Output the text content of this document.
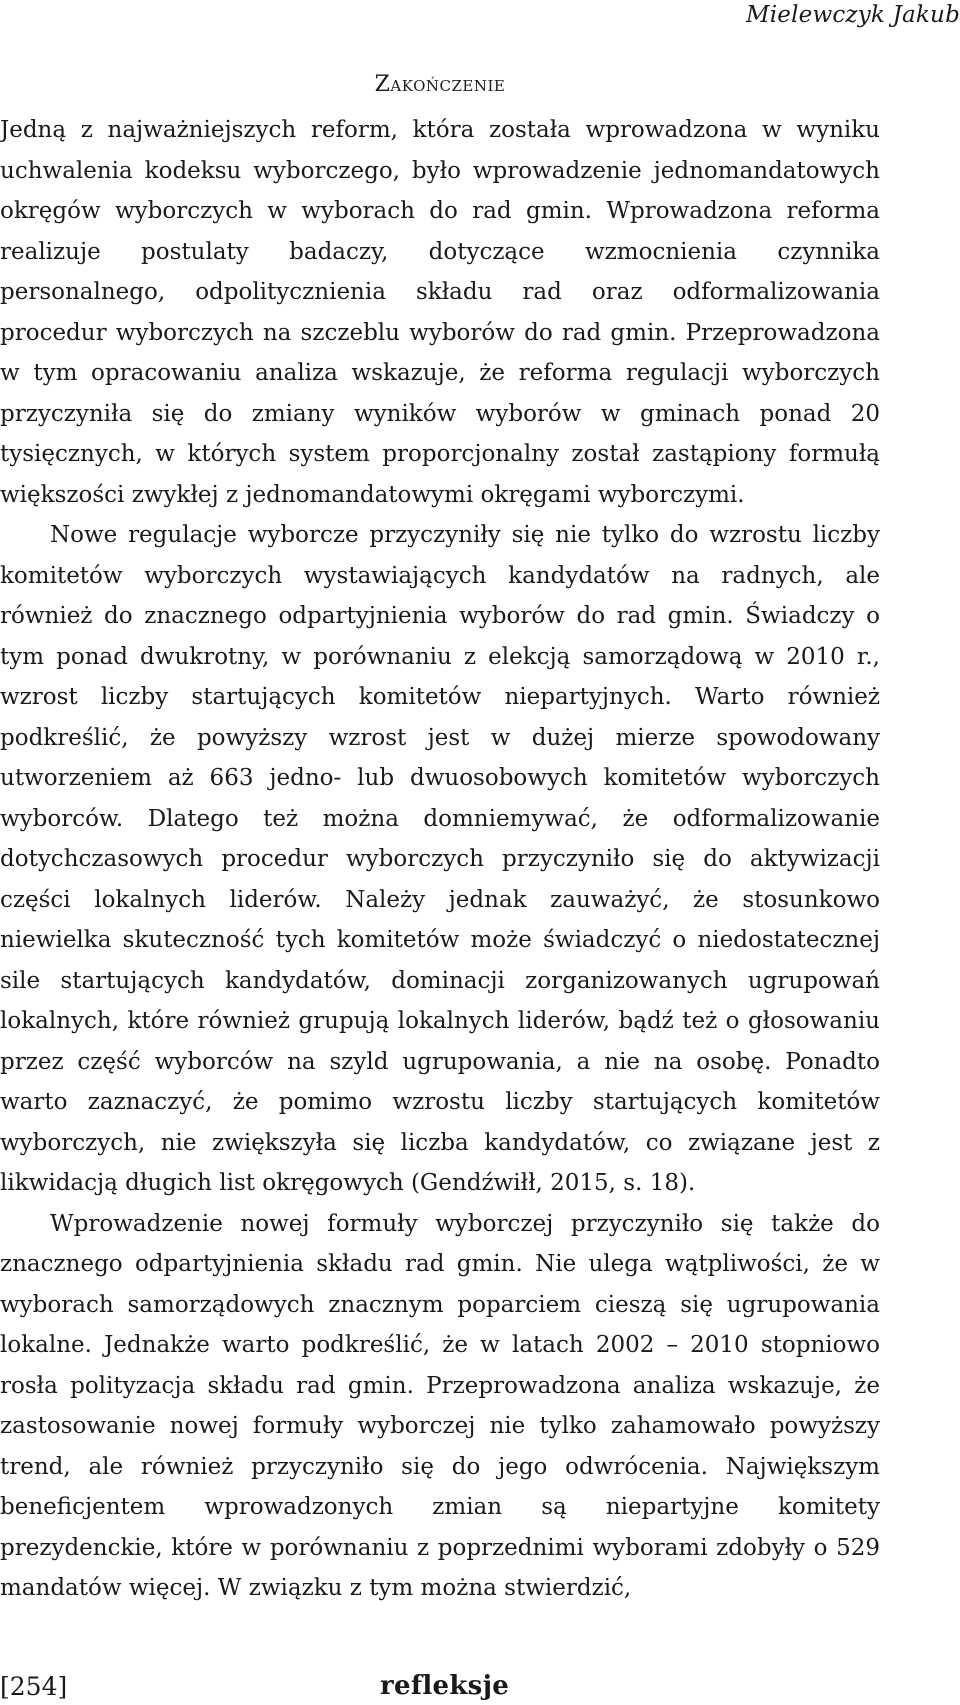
Mielewczyk Jakub
Zakończenie

Jedną z najważniejszych reform, która została wprowadzona w wyniku uchwalenia kodeksu wyborczego, było wprowadzenie jednomandatowych okręgów wyborczych w wyborach do rad gmin. Wprowadzona reforma realizuje postulaty badaczy, dotyczące wzmocnienia czynnika personalnego, odpolitycznienia składu rad oraz odformalizowania procedur wyborczych na szczeblu wyborów do rad gmin. Przeprowadzona w tym opracowaniu analiza wskazuje, że reforma regulacji wyborczych przyczyniła się do zmiany wyników wyborów w gminach ponad 20 tysięcznych, w których system proporcjonalny został zastąpiony formułą większości zwykłej z jednomandatowymi okręgami wyborczymi.

Nowe regulacje wyborcze przyczyniły się nie tylko do wzrostu liczby komitetów wyborczych wystawiających kandydatów na radnych, ale również do znacznego odpartyjnienia wyborów do rad gmin. Świadczy o tym ponad dwukrotny, w porównaniu z elekcją samorządową w 2010 r., wzrost liczby startujących komitetów niepartyjnych. Warto również podkreślić, że powyższy wzrost jest w dużej mierze spowodowany utworzeniem aż 663 jedno- lub dwuosobowych komitetów wyborczych wyborców. Dlatego też można domniemywać, że odformalizowanie dotychczasowych procedur wyborczych przyczyniło się do aktywizacji części lokalnych liderów. Należy jednak zauważyć, że stosunkowo niewielka skuteczność tych komitetów może świadczyć o niedostatecznej sile startujących kandydatów, dominacji zorganizowanych ugrupowań lokalnych, które również grupują lokalnych liderów, bądź też o głosowaniu przez część wyborców na szyld ugrupowania, a nie na osobę. Ponadto warto zaznaczyć, że pomimo wzrostu liczby startujących komitetów wyborczych, nie zwiększyła się liczba kandydatów, co związane jest z likwidacją długich list okręgowych (Gendźwiłł, 2015, s. 18).

Wprowadzenie nowej formuły wyborczej przyczyniło się także do znacznego odpartyjnienia składu rad gmin. Nie ulega wątpliwości, że w wyborach samorządowych znacznym poparciem cieszą się ugrupowania lokalne. Jednakże warto podkreślić, że w latach 2002 – 2010 stopniowo rosła polityzacja składu rad gmin. Przeprowadzona analiza wskazuje, że zastosowanie nowej formuły wyborczej nie tylko zahamowało powyższy trend, ale również przyczyniło się do jego odwrócenia. Największym beneficjentem wprowadzonych zmian są niepartyjne komitety prezydenckie, które w porównaniu z poprzednimi wyborami zdobyły o 529 mandatów więcej. W związku z tym można stwierdzić,

[254]	refleksje
